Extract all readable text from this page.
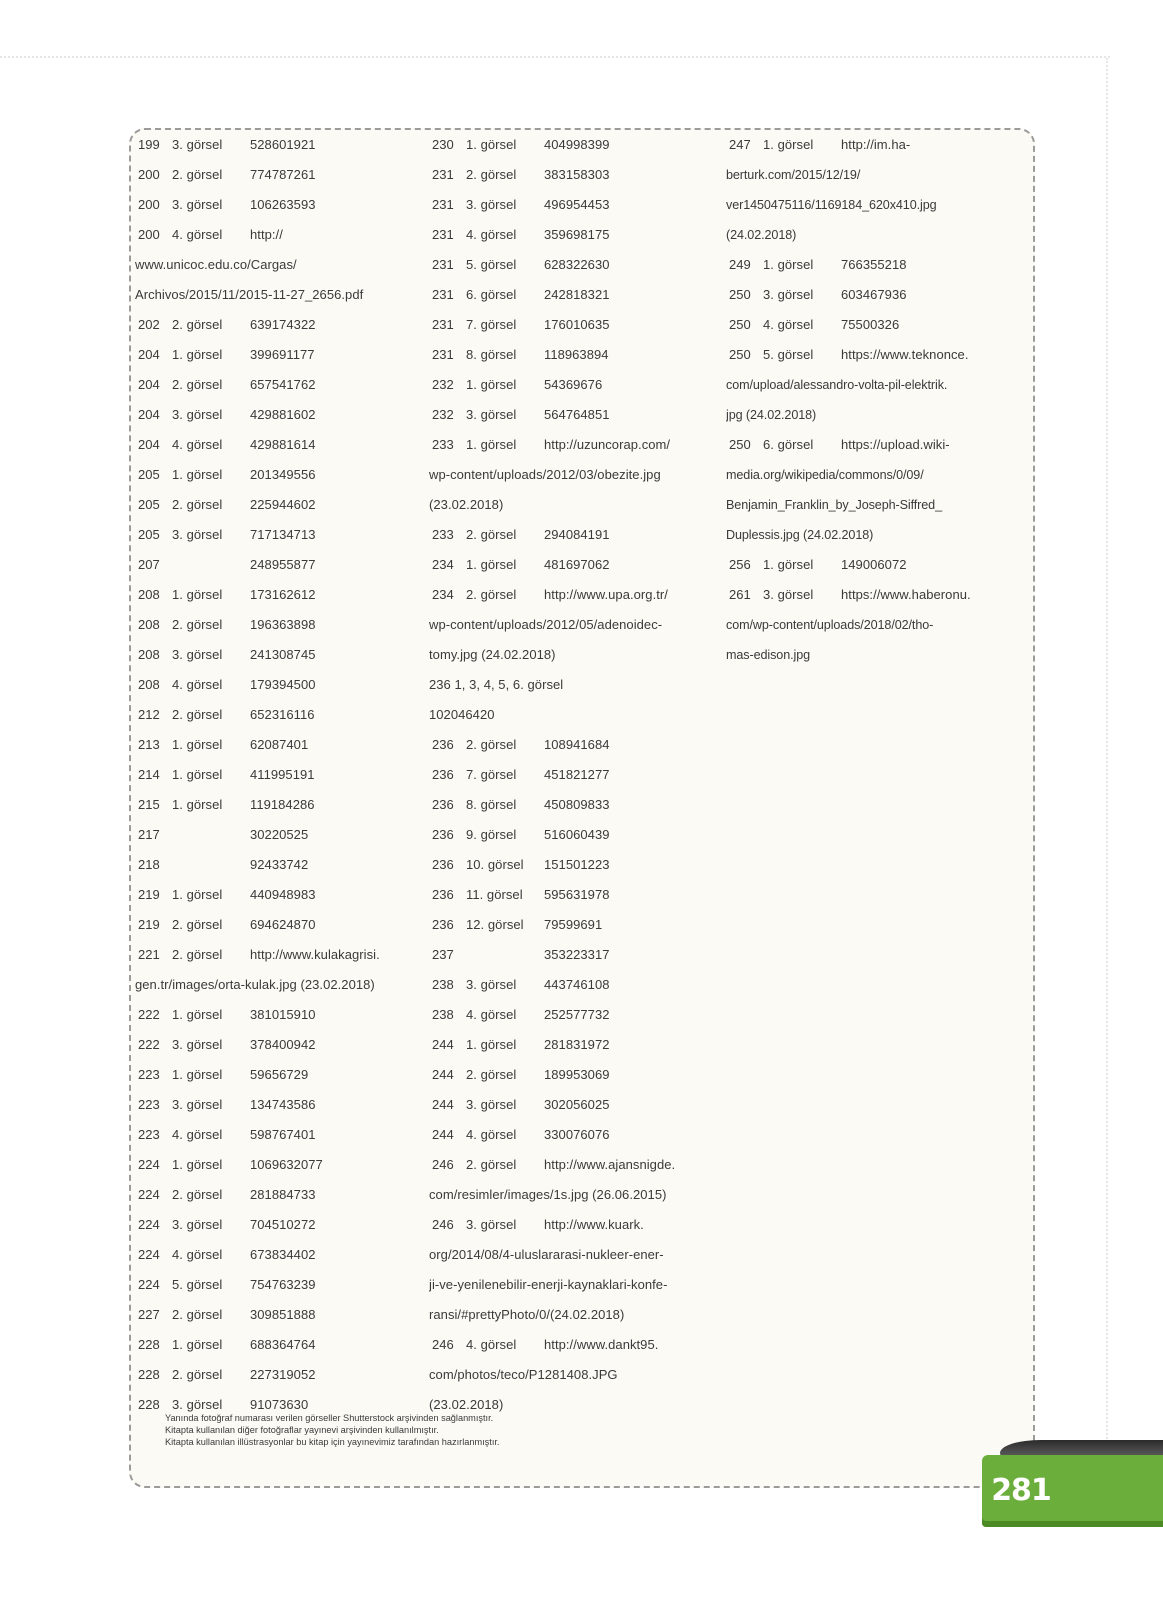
199 3. görsel 528601921
200 2. görsel 774787261
200 3. görsel 106263593
200 4. görsel http://
www.unicoc.edu.co/Cargas/
Archivos/2015/11/2015-11-27_2656.pdf
202 2. görsel 639174322
204 1. görsel 399691177
204 2. görsel 657541762
204 3. görsel 429881602
204 4. görsel 429881614
205 1. görsel 201349556
205 2. görsel 225944602
205 3. görsel 717134713
207	248955877
208 1. görsel 173162612
208 2. görsel 196363898
208 3. görsel 241308745
208 4. görsel 179394500
212 2. görsel 652316116
213 1. görsel 62087401
214 1. görsel 411995191
215 1. görsel 119184286
217	30220525
218	92433742
219 1. görsel 440948983
219 2. görsel 694624870
221 2. görsel http://www.kulakagrisi.
gen.tr/images/orta-kulak.jpg (23.02.2018)
222 1. görsel 381015910
222 3. görsel 378400942
223 1. görsel 59656729
223 3. görsel 134743586
223 4. görsel 598767401
224 1. görsel 1069632077
224 2. görsel 281884733
224 3. görsel 704510272
224 4. görsel 673834402
224 5. görsel 754763239
227 2. görsel 309851888
228 1. görsel 688364764
228 2. görsel 227319052
228 3. görsel 91073630
230 1. görsel 404998399
231 2. görsel 383158303
231 3. görsel 496954453
231 4. görsel 359698175
231 5. görsel 628322630
231 6. görsel 242818321
231 7. görsel 176010635
231 8. görsel 118963894
232 1. görsel 54369676
232 3. görsel 564764851
233 1. görsel http://uzuncorap.com/
wp-content/uploads/2012/03/obezite.jpg
(23.02.2018)
233 2. görsel 294084191
234 1. görsel 481697062
234 2. görsel http://www.upa.org.tr/
wp-content/uploads/2012/05/adenoidec-
tomy.jpg (24.02.2018)
236 1, 3, 4, 5, 6. görsel
102046420
236 2. görsel 108941684
236 7. görsel 451821277
236 8. görsel 450809833
236 9. görsel 516060439
236 10. görsel 151501223
236 11. görsel 595631978
236 12. görsel 79599691
237	353223317
238 3. görsel 443746108
238 4. görsel 252577732
244 1. görsel 281831972
244 2. görsel 189953069
244 3. görsel 302056025
244 4. görsel 330076076
246 2. görsel http://www.ajansnigde.
com/resimler/images/1s.jpg (26.06.2015)
246 3. görsel http://www.kuark.
org/2014/08/4-uluslararasi-nukleer-ener-
ji-ve-yenilenebilir-enerji-kaynaklari-konfe-
ransi/#prettyPhoto/0/(24.02.2018)
246 4. görsel http://www.dankt95.
com/photos/teco/P1281408.JPG
(23.02.2018)
247 1. görsel http://im.ha-
berturk.com/2015/12/19/
ver1450475116/1169184_620x410.jpg
(24.02.2018)
249 1. görsel 766355218
250 3. görsel 603467936
250 4. görsel 75500326
250 5. görsel https://www.teknonce.
com/upload/alessandro-volta-pil-elektrik.
jpg (24.02.2018)
250 6. görsel https://upload.wiki-
media.org/wikipedia/commons/0/09/
Benjamin_Franklin_by_Joseph-Siffred_
Duplessis.jpg (24.02.2018)
256 1. görsel 149006072
261 3. görsel https://www.haberonu.
com/wp-content/uploads/2018/02/tho-
mas-edison.jpg
Yanında fotoğraf numarası verilen görseller Shutterstock arşivinden sağlanmıştır.
Kitapta kullanılan diğer fotoğraflar yayınevi arşivinden kullanılmıştır.
Kitapta kullanılan illüstrasyonlar bu kitap için yayınevimiz tarafından hazırlanmıştır.
281
